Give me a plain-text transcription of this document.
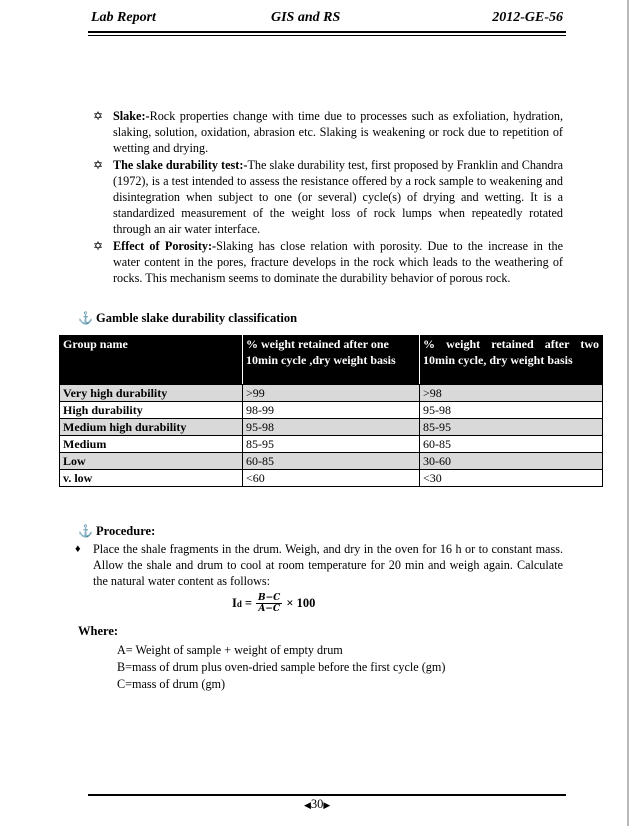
Lab Report	GIS and RS	2012-GE-56

✡ Slake:-Rock properties change with time due to processes such as exfoliation, hydration, slaking, solution, oxidation, abrasion etc. Slaking is weakening or rock due to repetition of wetting and drying.

✡ The slake durability test:-The slake durability test, first proposed by Franklin and Chandra (1972), is a test intended to assess the resistance offered by a rock sample to weakening and disintegration when subject to one (or several) cycle(s) of drying and wetting. It is a standardized measurement of the weight loss of rock lumps when repeatedly rotated through an air water interface.

✡ Effect of Porosity:-Slaking has close relation with porosity. Due to the increase in the water content in the pores, fracture develops in the rock which leads to the weathering of rocks. This mechanism seems to dominate the durability behavior of porous rock.

⚓ Gamble slake durability classification
Group name	% weight retained after one 10min cycle ,dry weight basis	% weight retained after two 10min cycle, dry weight basis
Very high durability	>99	>98
High durability	98-99	95-98
Medium high durability	95-98	85-95
Medium	85-95	60-85
Low	60-85	30-60
v. low	<60	<30
⚓ Procedure:
♦	Place the shale fragments in the drum. Weigh, and dry in the oven for 16 h or to constant mass. Allow the shale and drum to cool at room temperature for 20 min and weigh again. Calculate the natural water content as follows:
I $d = \frac{B-C}{A-C} \times 100$
Where:
A= Weight of sample + weight of empty drum
B=mass of drum plus oven-dried sample before the first cycle (gm)
C=mass of drum (gm)
◀30▶
